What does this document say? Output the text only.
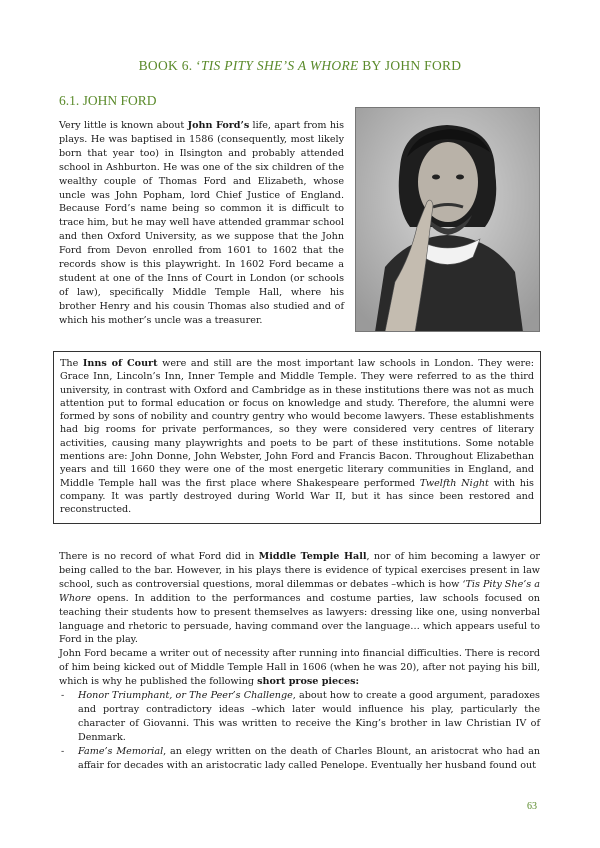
BOOK 6. ‘TIS PITY SHE’S A WHORE BY JOHN FORD
6.1. JOHN FORD
Very little is known about John Ford’s life, apart from his plays. He was baptised in 1586 (consequently, most likely born that year too) in Ilsington and probably attended school in Ashburton. He was one of the six children of the wealthy couple of Thomas Ford and Elizabeth, whose uncle was John Popham, lord Chief Justice of England. Because Ford’s name being so common it is difficult to trace him, but he may well have attended grammar school and then Oxford University, as we suppose that the John Ford from Devon enrolled from 1601 to 1602 that the records show is this playwright. In 1602 Ford became a student at one of the Inns of Court in London (or schools of law), specifically Middle Temple Hall, where his brother Henry and his cousin Thomas also studied and of which his mother’s uncle was a treasurer.
The Inns of Court were and still are the most important law schools in London. They were: Grace Inn, Lincoln’s Inn, Inner Temple and Middle Temple. They were referred to as the third university, in contrast with Oxford and Cambridge as in these institutions there was not as much attention put to formal education or focus on knowledge and study. Therefore, the alumni were formed by sons of nobility and country gentry who would become lawyers. These establishments had big rooms for private performances, so they were considered very centres of literary activities, causing many playwrights and poets to be part of these institutions. Some notable mentions are: John Donne, John Webster, John Ford and Francis Bacon. Throughout Elizabethan years and till 1660 they were one of the most energetic literary communities in England, and Middle Temple hall was the first place where Shakespeare performed Twelfth Night with his company. It was partly destroyed during World War II, but it has since been restored and reconstructed.

There is no record of what Ford did in Middle Temple Hall, nor of him becoming a lawyer or being called to the bar. However, in his plays there is evidence of typical exercises present in law school, such as controversial questions, moral dilemmas or debates –which is how ‘Tis Pity She’s a Whore opens. In addition to the performances and costume parties, law schools focused on teaching their students how to present themselves as lawyers: dressing like one, using nonverbal language and rhetoric to persuade, having command over the language… which appears useful to Ford in the play.

John Ford became a writer out of necessity after running into financial difficulties. There is record of him being kicked out of Middle Temple Hall in 1606 (when he was 20), after not paying his bill, which is why he published the following short prose pieces:

- Honor Triumphant, or The Peer’s Challenge, about how to create a good argument, paradoxes and portray contradictory ideas –which later would influence his play, particularly the character of Giovanni. This was written to receive the King’s brother in law Christian IV of Denmark.
- Fame’s Memorial, an elegy written on the death of Charles Blount, an aristocrat who had an affair for decades with an aristocratic lady called Penelope. Eventually her husband found out
63
